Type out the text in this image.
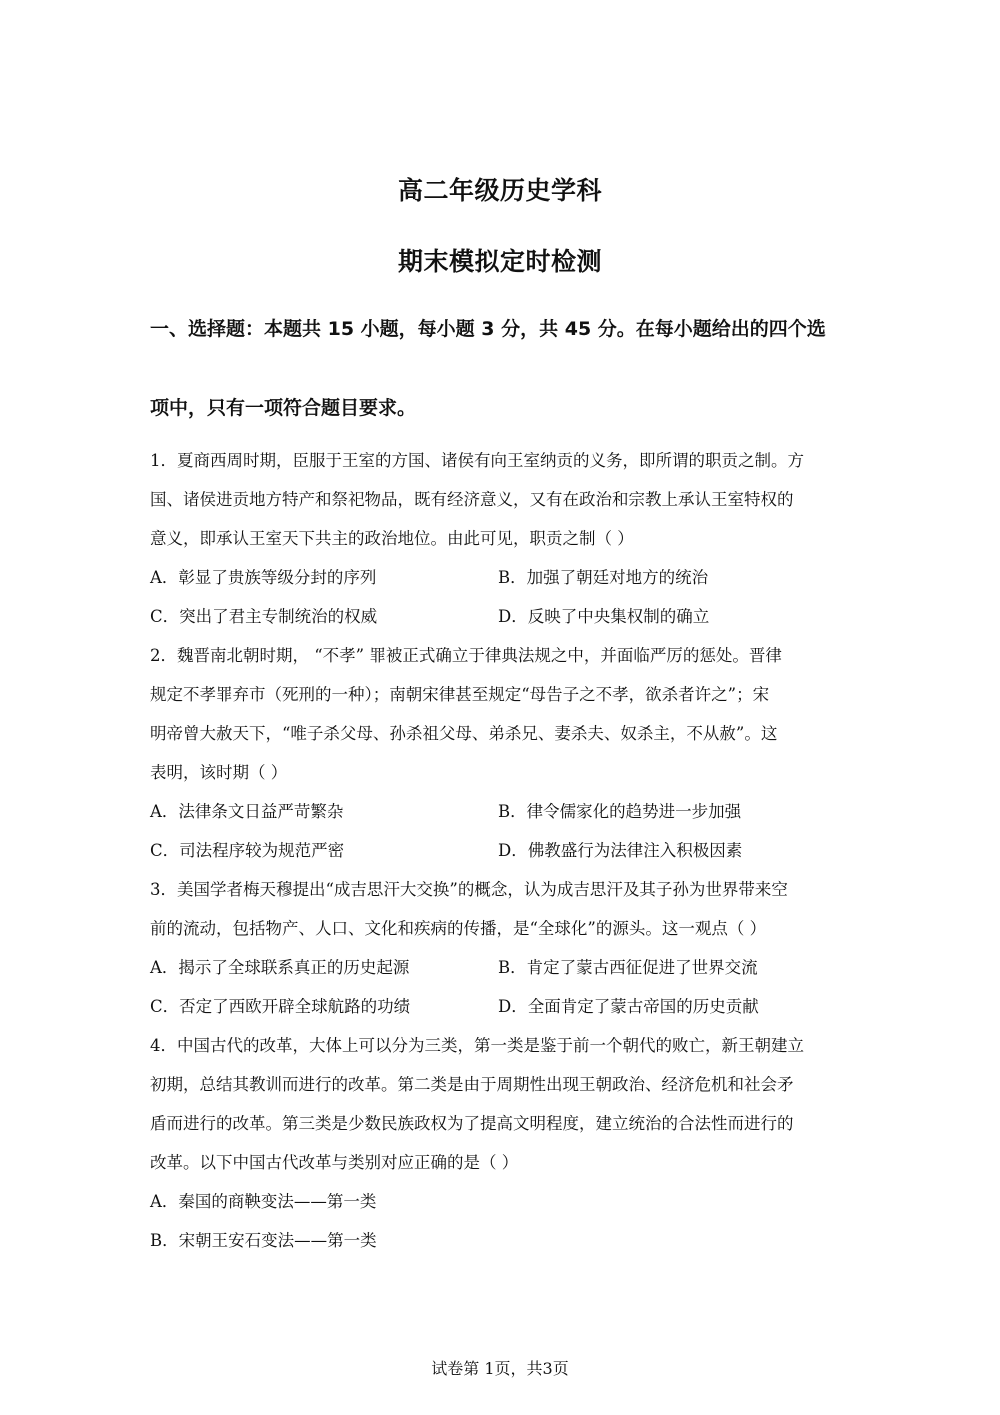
高二年级历史学科
期末模拟定时检测
一、选择题：本题共 15 小题，每小题 3 分，共 45 分。在每小题给出的四个选
项中，只有一项符合题目要求。
1．夏商西周时期，臣服于王室的方国、诸侯有向王室纳贡的义务，即所谓的职贡之制。方
国、诸侯进贡地方特产和祭祀物品，既有经济意义，又有在政治和宗教上承认王室特权的
意义，即承认王室天下共主的政治地位。由此可见，职贡之制（ ）
A．彰显了贵族等级分封的序列	B．加强了朝廷对地方的统治
C．突出了君主专制统治的权威	D．反映了中央集权制的确立
2．魏晋南北朝时期， “不孝” 罪被正式确立于律典法规之中，并面临严厉的惩处。晋律
规定不孝罪弃市（死刑的一种）；南朝宋律甚至规定“母告子之不孝，欲杀者许之”；宋
明帝曾大赦天下，“唯子杀父母、孙杀祖父母、弟杀兄、妻杀夫、奴杀主，不从赦”。这
表明，该时期（ ）
A．法律条文日益严苛繁杂	B．律令儒家化的趋势进一步加强
C．司法程序较为规范严密	D．佛教盛行为法律注入积极因素
3．美国学者梅天穆提出“成吉思汗大交换”的概念，认为成吉思汗及其子孙为世界带来空
前的流动，包括物产、人口、文化和疾病的传播，是“全球化”的源头。这一观点（ ）
A．揭示了全球联系真正的历史起源	B．肯定了蒙古西征促进了世界交流
C．否定了西欧开辟全球航路的功绩	D．全面肯定了蒙古帝国的历史贡献
4．中国古代的改革，大体上可以分为三类，第一类是鉴于前一个朝代的败亡，新王朝建立
初期，总结其教训而进行的改革。第二类是由于周期性出现王朝政治、经济危机和社会矛
盾而进行的改革。第三类是少数民族政权为了提高文明程度，建立统治的合法性而进行的
改革。以下中国古代改革与类别对应正确的是（ ）
A．秦国的商鞅变法——第一类
B．宋朝王安石变法——第一类
试卷第 1页，共3页
